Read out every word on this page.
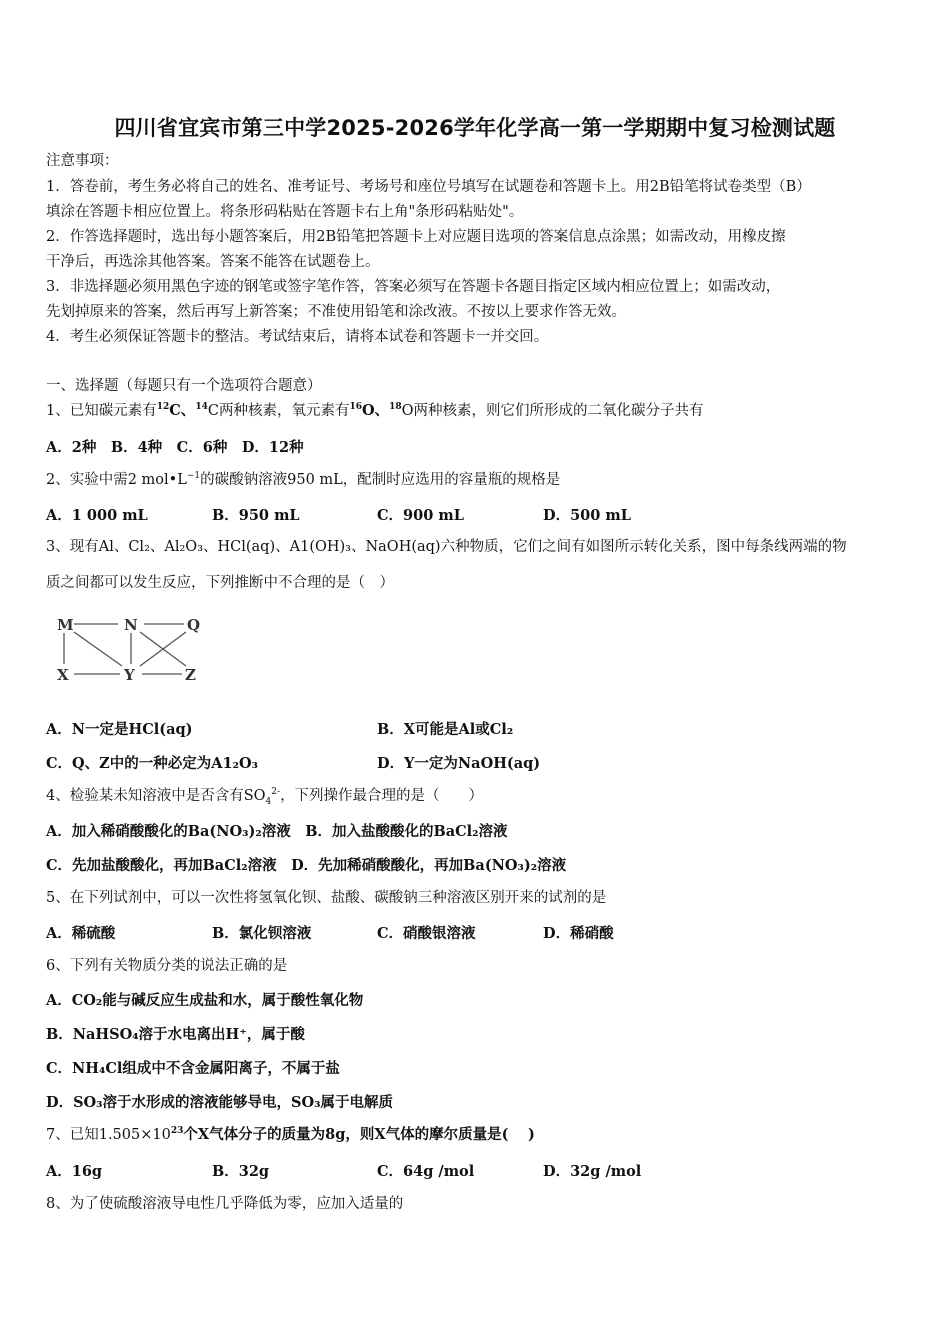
四川省宜宾市第三中学2025-2026学年化学高一第一学期期中复习检测试题
注意事项：
1．答卷前，考生务必将自己的姓名、准考证号、考场号和座位号填写在试题卷和答题卡上。用2B铅笔将试卷类型（B）
填涂在答题卡相应位置上。将条形码粘贴在答题卡右上角"条形码粘贴处"。
2．作答选择题时，选出每小题答案后，用2B铅笔把答题卡上对应题目选项的答案信息点涂黑；如需改动，用橡皮擦
干净后，再选涂其他答案。答案不能答在试题卷上。
3．非选择题必须用黑色字迹的钢笔或签字笔作答，答案必须写在答题卡各题目指定区域内相应位置上；如需改动，
先划掉原来的答案，然后再写上新答案；不准使用铅笔和涂改液。不按以上要求作答无效。
4．考生必须保证答题卡的整洁。考试结束后，请将本试卷和答题卡一并交回。
一、选择题（每题只有一个选项符合题意）
1、已知碳元素有$^{12}$C、$^{14}$C两种核素，氧元素有$^{16}$O、$^{18}$O两种核素，则它们所形成的二氧化碳分子共有
A．2种　B．4种　C．6种　D．12种
2、实验中需2 $mol•L^{-1}$的碳酸钠溶液950 mL，配制时应选用的容量瓶的规格是
A．1 000 mL	B．950 mL	C．900 mL	D．500 mL
3、现有Al、Cl₂、Al₂O₃、HCl(aq)、A1(OH)₃、NaOH(aq)六种物质，它们之间有如图所示转化关系，图中每条线两端的物
质之间都可以发生反应，下列推断中不合理的是（　）
M	N	Q
X	Y	Z
A．N一定是HCl(aq)	B．X可能是Al或Cl₂
C．Q、Z中的一种必定为A1₂O₃	D．Y一定为NaOH(aq)
4、检验某未知溶液中是否含有$SO_4^{2-}$，下列操作最合理的是（　　）
A．加入稀硝酸酸化的Ba(NO₃)₂溶液　B．加入盐酸酸化的BaCl₂溶液
C．先加盐酸酸化，再加BaCl₂溶液　D．先加稀硝酸酸化，再加Ba(NO₃)₂溶液
5、在下列试剂中，可以一次性将氢氧化钡、盐酸、碳酸钠三种溶液区别开来的试剂的是
A．稀硫酸	B．氯化钡溶液	C．硝酸银溶液	D．稀硝酸
6、下列有关物质分类的说法正确的是
A．CO₂能与碱反应生成盐和水，属于酸性氧化物
B．NaHSO₄溶于水电离出H⁺，属于酸
C．NH₄Cl组成中不含金属阳离子，不属于盐
D．SO₃溶于水形成的溶液能够导电，SO₃属于电解质
7、已知$1.505\times 10^{23}$个X气体分子的质量为8g，则X气体的摩尔质量是(　 )
A．16g	B．32g	C．64g /mol	D．32g /mol
8、为了使硫酸溶液导电性几乎降低为零，应加入适量的
